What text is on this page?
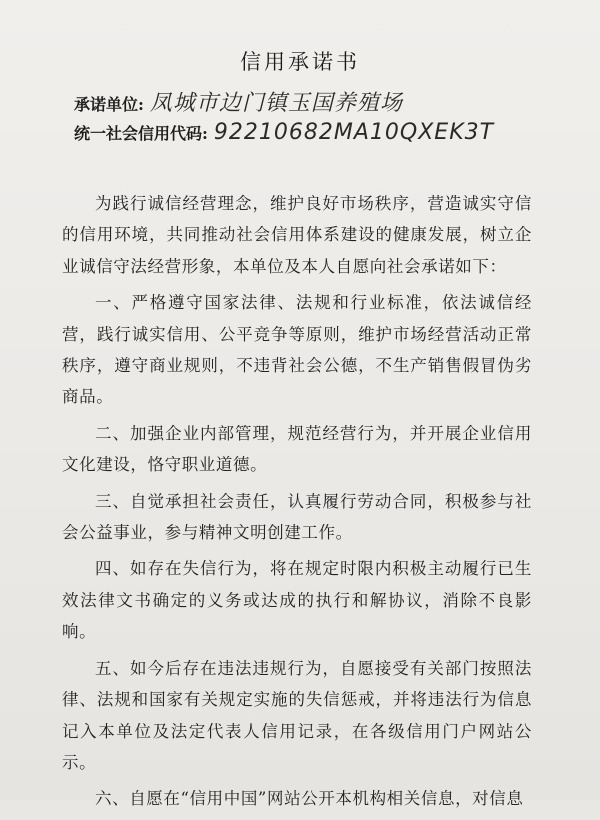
信用承诺书
承诺单位: 凤城市边门镇玉国养殖场
统一社会信用代码: 92210682MA10QXEK3T

为践行诚信经营理念，维护良好市场秩序，营造诚实守信的信用环境，共同推动社会信用体系建设的健康发展，树立企业诚信守法经营形象，本单位及本人自愿向社会承诺如下：

一、严格遵守国家法律、法规和行业标准，依法诚信经营，践行诚实信用、公平竞争等原则，维护市场经营活动正常秩序，遵守商业规则，不违背社会公德，不生产销售假冒伪劣商品。

二、加强企业内部管理，规范经营行为，并开展企业信用文化建设，恪守职业道德。

三、自觉承担社会责任，认真履行劳动合同，积极参与社会公益事业，参与精神文明创建工作。

四、如存在失信行为，将在规定时限内积极主动履行已生效法律文书确定的义务或达成的执行和解协议，消除不良影响。

五、如今后存在违法违规行为，自愿接受有关部门按照法律、法规和国家有关规定实施的失信惩戒，并将违法行为信息记入本单位及法定代表人信用记录，在各级信用门户网站公示。

六、自愿在“信用中国”网站公开本机构相关信息，对信息
